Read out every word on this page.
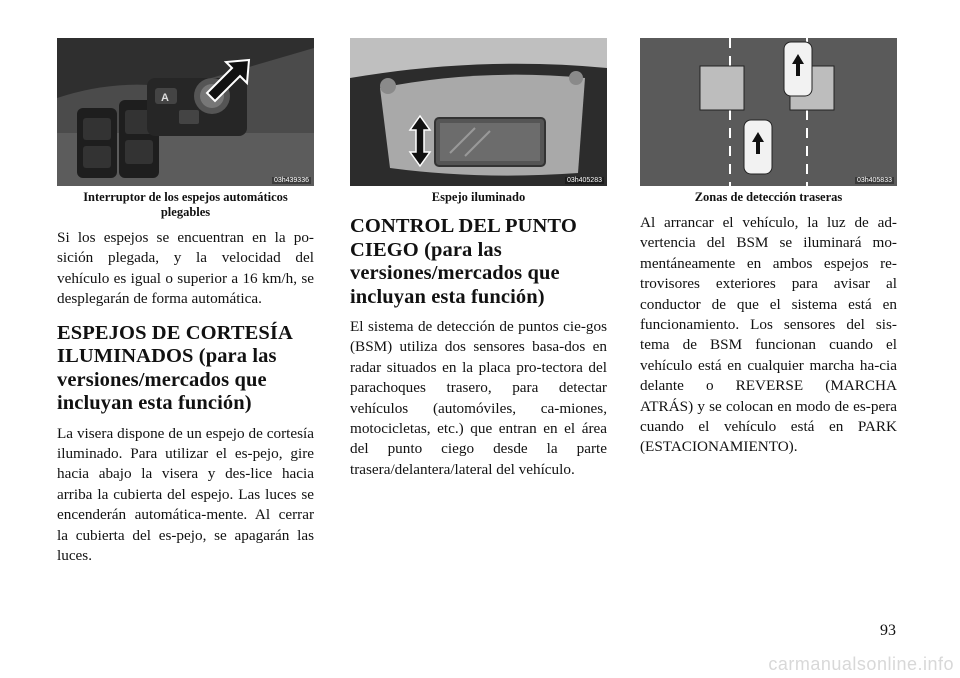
A
03h439336
Interruptor de los espejos automáticos plegables

Si los espejos se encuentran en la po-sición plegada, y la velocidad del vehículo es igual o superior a 16 km/h, se desplegarán de forma automática.

ESPEJOS DE CORTESÍA ILUMINADOS (para las versiones/mercados que incluyan esta función)

La visera dispone de un espejo de cortesía iluminado. Para utilizar el es-pejo, gire hacia abajo la visera y des-lice hacia arriba la cubierta del espejo. Las luces se encenderán automática-mente. Al cerrar la cubierta del es-pejo, se apagarán las luces.

03h405283
Espejo iluminado
CONTROL DEL PUNTO CIEGO (para las versiones/mercados que incluyan esta función)

El sistema de detección de puntos cie-gos (BSM) utiliza dos sensores basa-dos en radar situados en la placa pro-tectora del parachoques trasero, para detectar vehículos (automóviles, ca-miones, motocicletas, etc.) que entran en el área del punto ciego desde la parte trasera/delantera/lateral del vehículo.

03h405833
Zonas de detección traseras

Al arrancar el vehículo, la luz de ad-vertencia del BSM se iluminará mo-mentáneamente en ambos espejos re-trovisores exteriores para avisar al conductor de que el sistema está en funcionamiento. Los sensores del sis-tema de BSM funcionan cuando el vehículo está en cualquier marcha ha-cia delante o REVERSE (MARCHA ATRÁS) y se colocan en modo de es-pera cuando el vehículo está en PARK (ESTACIONAMIENTO).

93
carmanualsonline.info
